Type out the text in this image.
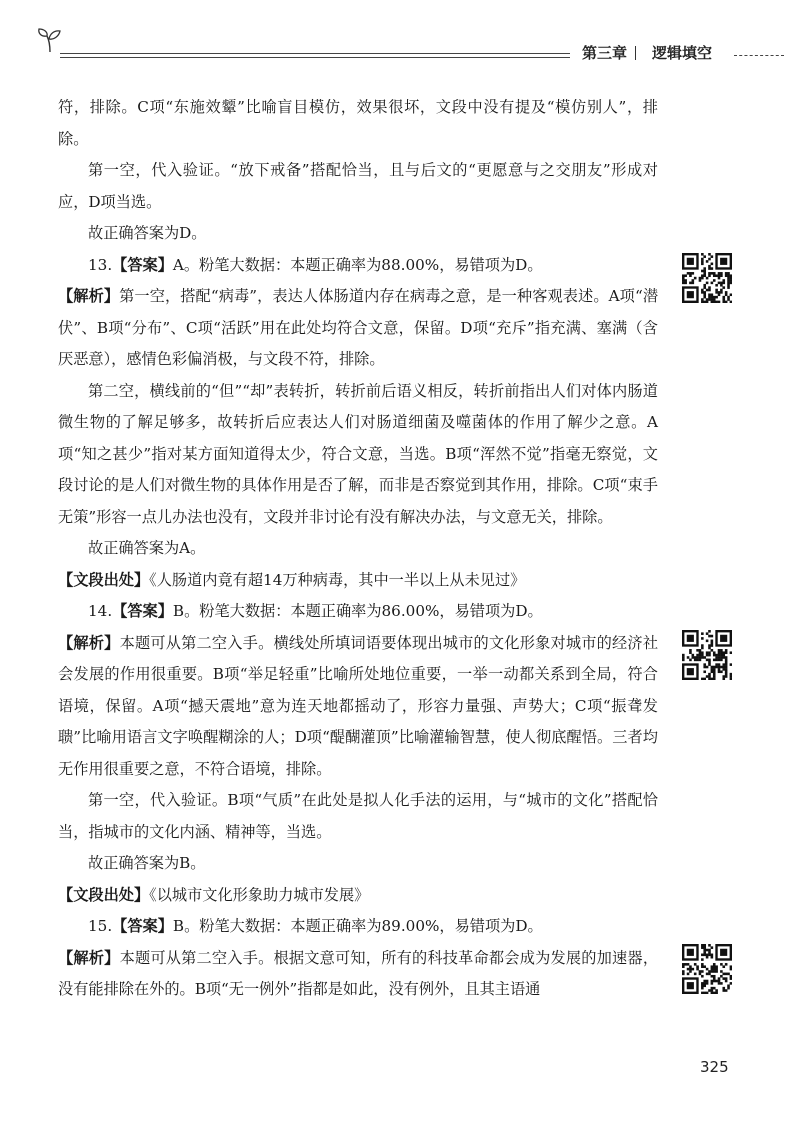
第三章 逻辑填空

符，排除。C项“东施效颦”比喻盲目模仿，效果很坏，文段中没有提及“模仿别人”，排除。

第一空，代入验证。“放下戒备”搭配恰当，且与后文的“更愿意与之交朋友”形成对应，D项当选。

故正确答案为D。

13.【答案】A。粉笔大数据：本题正确率为88.00%，易错项为D。

【解析】第一空，搭配“病毒”，表达人体肠道内存在病毒之意，是一种客观表述。A项“潜伏”、B项“分布”、C项“活跃”用在此处均符合文意，保留。D项“充斥”指充满、塞满（含厌恶意），感情色彩偏消极，与文段不符，排除。

第二空，横线前的“但”“却”表转折，转折前后语义相反，转折前指出人们对体内肠道微生物的了解足够多，故转折后应表达人们对肠道细菌及噬菌体的作用了解少之意。A项“知之甚少”指对某方面知道得太少，符合文意，当选。B项“浑然不觉”指毫无察觉，文段讨论的是人们对微生物的具体作用是否了解，而非是否察觉到其作用，排除。C项“束手无策”形容一点儿办法也没有，文段并非讨论有没有解决办法，与文意无关，排除。

故正确答案为A。

【文段出处】《人肠道内竟有超14万种病毒，其中一半以上从未见过》

14.【答案】B。粉笔大数据：本题正确率为86.00%，易错项为D。

【解析】本题可从第二空入手。横线处所填词语要体现出城市的文化形象对城市的经济社会发展的作用很重要。B项“举足轻重”比喻所处地位重要，一举一动都关系到全局，符合语境，保留。A项“撼天震地”意为连天地都摇动了，形容力量强、声势大；C项“振聋发聩”比喻用语言文字唤醒糊涂的人；D项“醍醐灌顶”比喻灌输智慧，使人彻底醒悟。三者均无作用很重要之意，不符合语境，排除。

第一空，代入验证。B项“气质”在此处是拟人化手法的运用，与“城市的文化”搭配恰当，指城市的文化内涵、精神等，当选。

故正确答案为B。

【文段出处】《以城市文化形象助力城市发展》

15.【答案】B。粉笔大数据：本题正确率为89.00%，易错项为D。

【解析】本题可从第二空入手。根据文意可知，所有的科技革命都会成为发展的加速器，没有能排除在外的。B项“无一例外”指都是如此，没有例外，且其主语通

325
